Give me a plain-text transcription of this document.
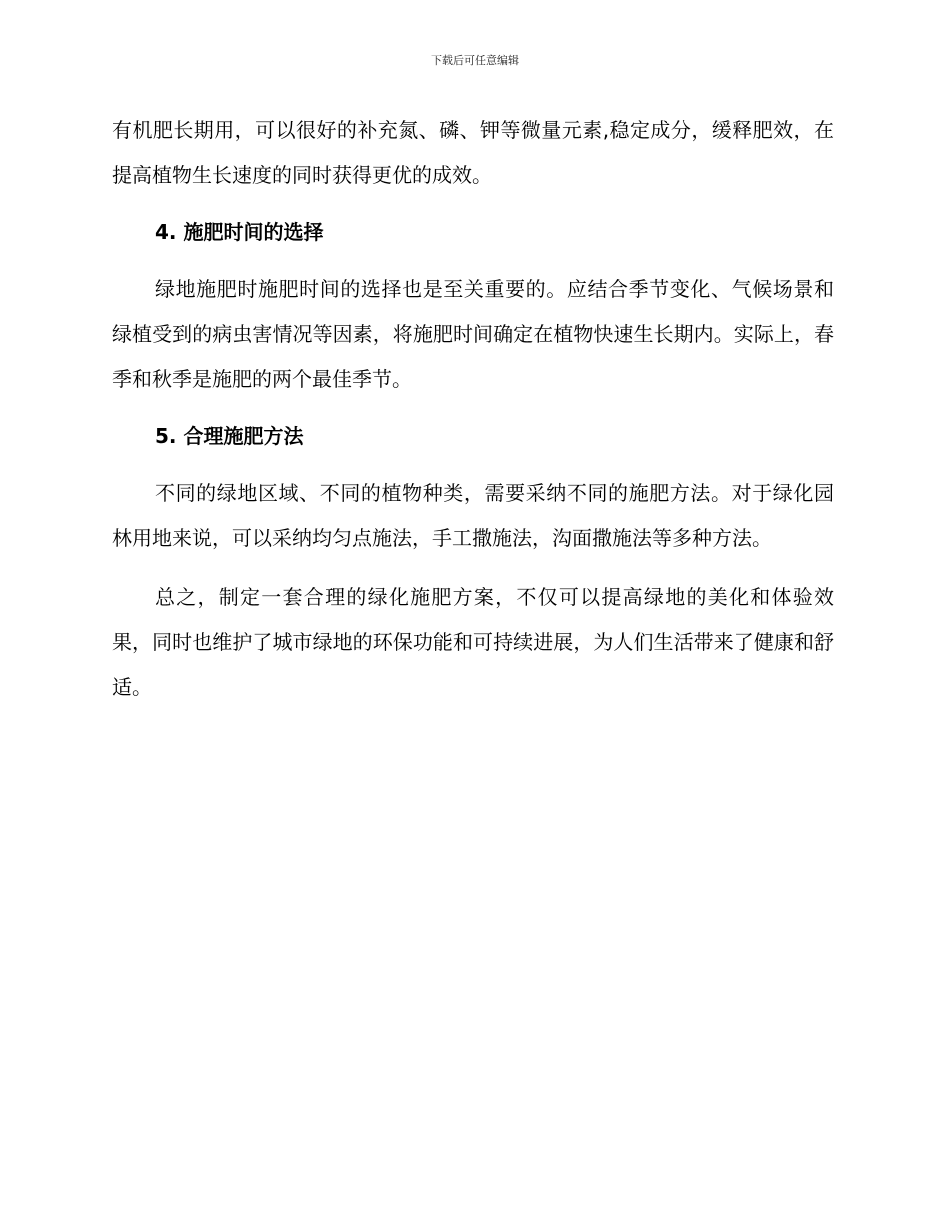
下载后可任意编辑

有机肥长期用，可以很好的补充氮、磷、钾等微量元素,稳定成分，缓释肥效，在提高植物生长速度的同时获得更优的成效。

4. 施肥时间的选择

绿地施肥时施肥时间的选择也是至关重要的。应结合季节变化、气候场景和绿植受到的病虫害情况等因素，将施肥时间确定在植物快速生长期内。实际上，春季和秋季是施肥的两个最佳季节。

5. 合理施肥方法

不同的绿地区域、不同的植物种类，需要采纳不同的施肥方法。对于绿化园林用地来说，可以采纳均匀点施法，手工撒施法，沟面撒施法等多种方法。

总之，制定一套合理的绿化施肥方案，不仅可以提高绿地的美化和体验效果，同时也维护了城市绿地的环保功能和可持续进展，为人们生活带来了健康和舒适。
